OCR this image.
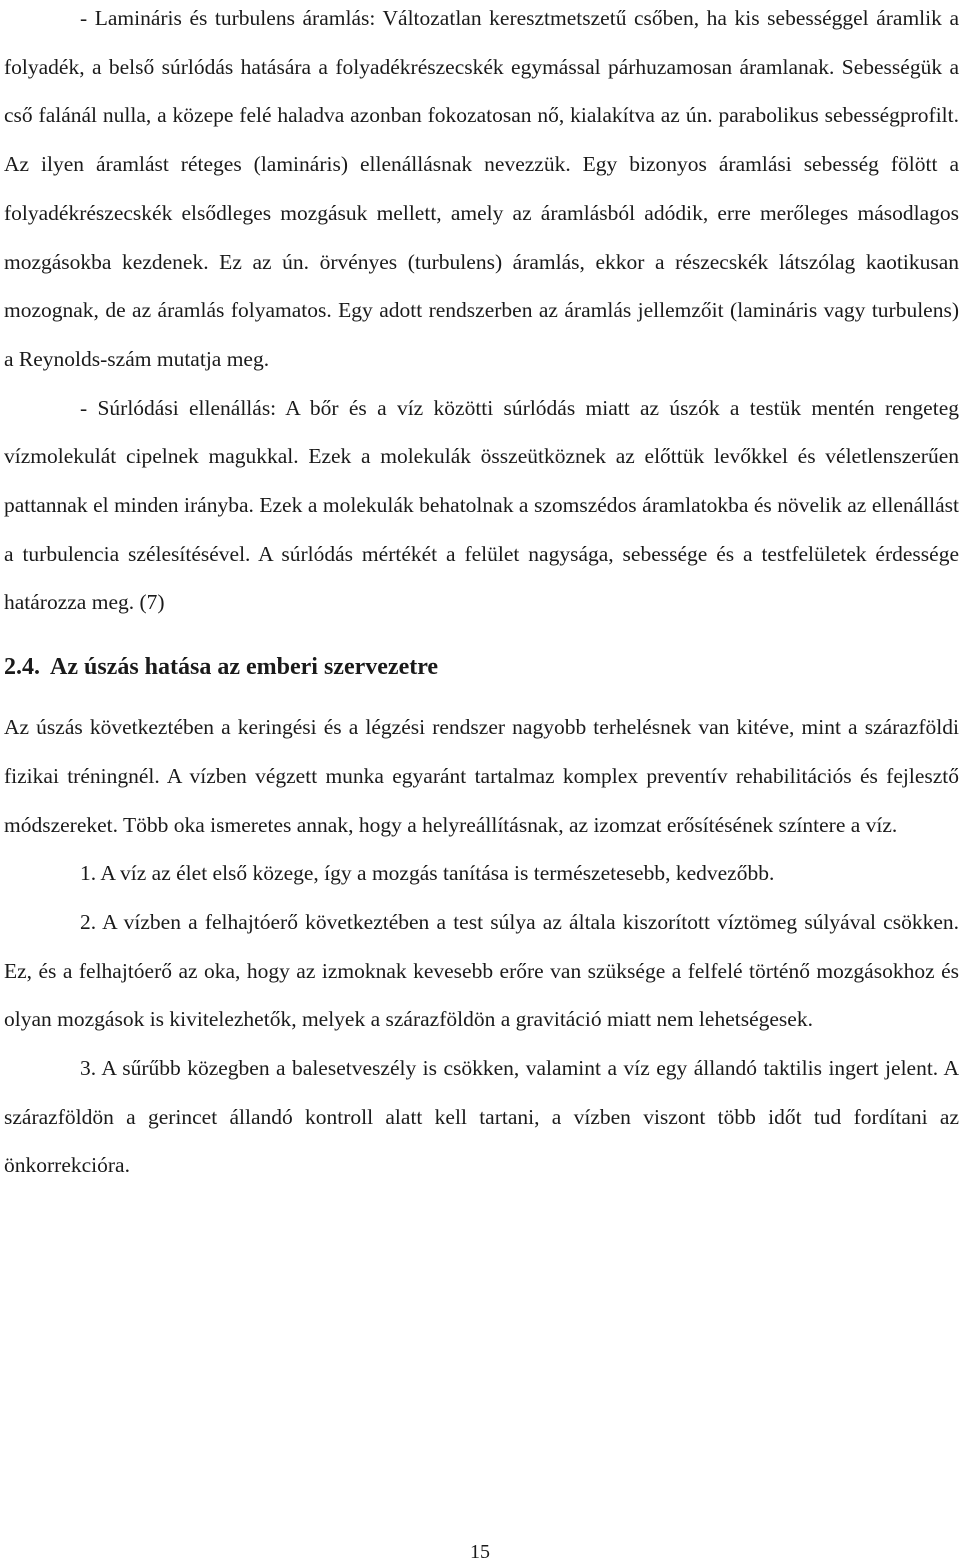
- Lamináris és turbulens áramlás: Változatlan keresztmetszetű csőben, ha kis sebességgel áramlik a folyadék, a belső súrlódás hatására a folyadékrészecskék egymással párhuzamosan áramlanak. Sebességük a cső falánál nulla, a közepe felé haladva azonban fokozatosan nő, kialakítva az ún. parabolikus sebességprofilt. Az ilyen áramlást réteges (lamináris) ellenállásnak nevezzük. Egy bizonyos áramlási sebesség fölött a folyadékrészecskék elsődleges mozgásuk mellett, amely az áramlásból adódik, erre merőleges másodlagos mozgásokba kezdenek. Ez az ún. örvényes (turbulens) áramlás, ekkor a részecskék látszólag kaotikusan mozognak, de az áramlás folyamatos. Egy adott rendszerben az áramlás jellemzőit (lamináris vagy turbulens) a Reynolds-szám mutatja meg.

- Súrlódási ellenállás: A bőr és a víz közötti súrlódás miatt az úszók a testük mentén rengeteg vízmolekulát cipelnek magukkal. Ezek a molekulák összeütköznek az előttük levőkkel és véletlenszerűen pattannak el minden irányba. Ezek a molekulák behatolnak a szomszédos áramlatokba és növelik az ellenállást a turbulencia szélesítésével. A súrlódás mértékét a felület nagysága, sebessége és a testfelületek érdessége határozza meg. (7)

2.4. Az úszás hatása az emberi szervezetre

Az úszás következtében a keringési és a légzési rendszer nagyobb terhelésnek van kitéve, mint a szárazföldi fizikai tréningnél. A vízben végzett munka egyaránt tartalmaz komplex preventív rehabilitációs és fejlesztő módszereket. Több oka ismeretes annak, hogy a helyreállításnak, az izomzat erősítésének színtere a víz.

1. A víz az élet első közege, így a mozgás tanítása is természetesebb, kedvezőbb.

2. A vízben a felhajtóerő következtében a test súlya az általa kiszorított víztömeg súlyával csökken. Ez, és a felhajtóerő az oka, hogy az izmoknak kevesebb erőre van szüksége a felfelé történő mozgásokhoz és olyan mozgások is kivitelezhetők, melyek a szárazföldön a gravitáció miatt nem lehetségesek.

3. A sűrűbb közegben a balesetveszély is csökken, valamint a víz egy állandó taktilis ingert jelent. A szárazföldön a gerincet állandó kontroll alatt kell tartani, a vízben viszont több időt tud fordítani az önkorrekcióra.

15
